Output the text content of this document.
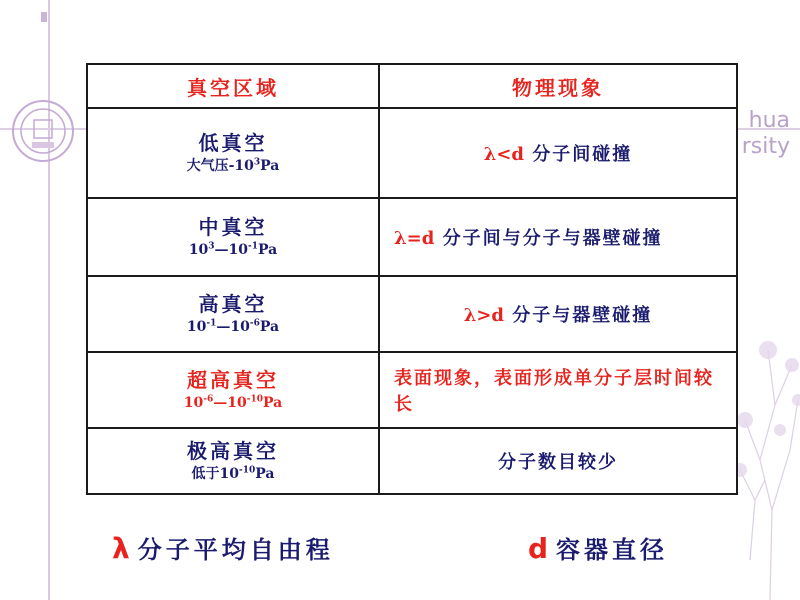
hua
rsity
真空区域	物理现象

低真空
大气压$-10^3Pa$	λ<d 分子间碰撞

中真空
$10^3—10^{-1}Pa$	λ=d 分子间与分子与器壁碰撞

高真空
$10^{-1}—10^{-6}Pa$	λ>d 分子与器壁碰撞

超高真空
$10^{-6}—10^{-10}Pa$	表面现象，表面形成单分子层时间较长

极高真空
低于$10^{-10}Pa$	分子数目较少
λ 分子平均自由程	d 容器直径
